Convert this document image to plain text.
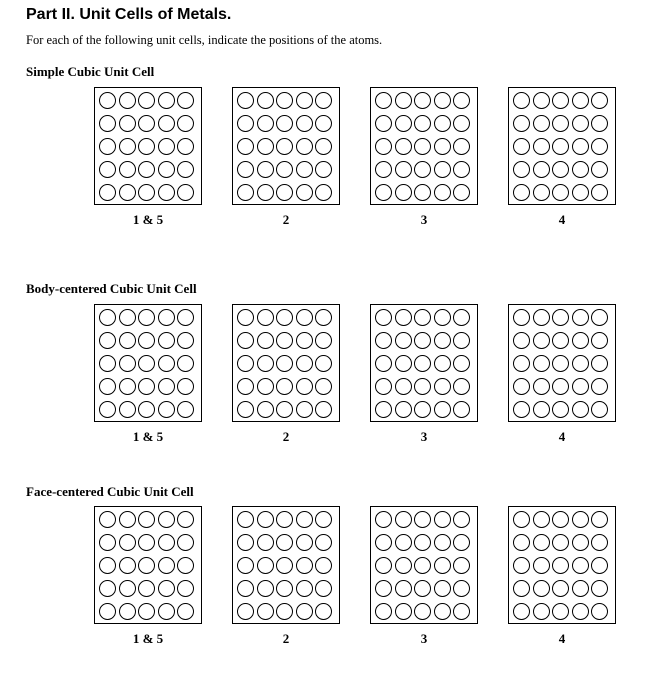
Part II. Unit Cells of Metals.

For each of the following unit cells, indicate the positions of the atoms.

Simple Cubic Unit Cell
1 & 5	2	3	4
Body-centered Cubic Unit Cell
1 & 5	2	3	4
Face-centered Cubic Unit Cell
1 & 5	2	3	4
